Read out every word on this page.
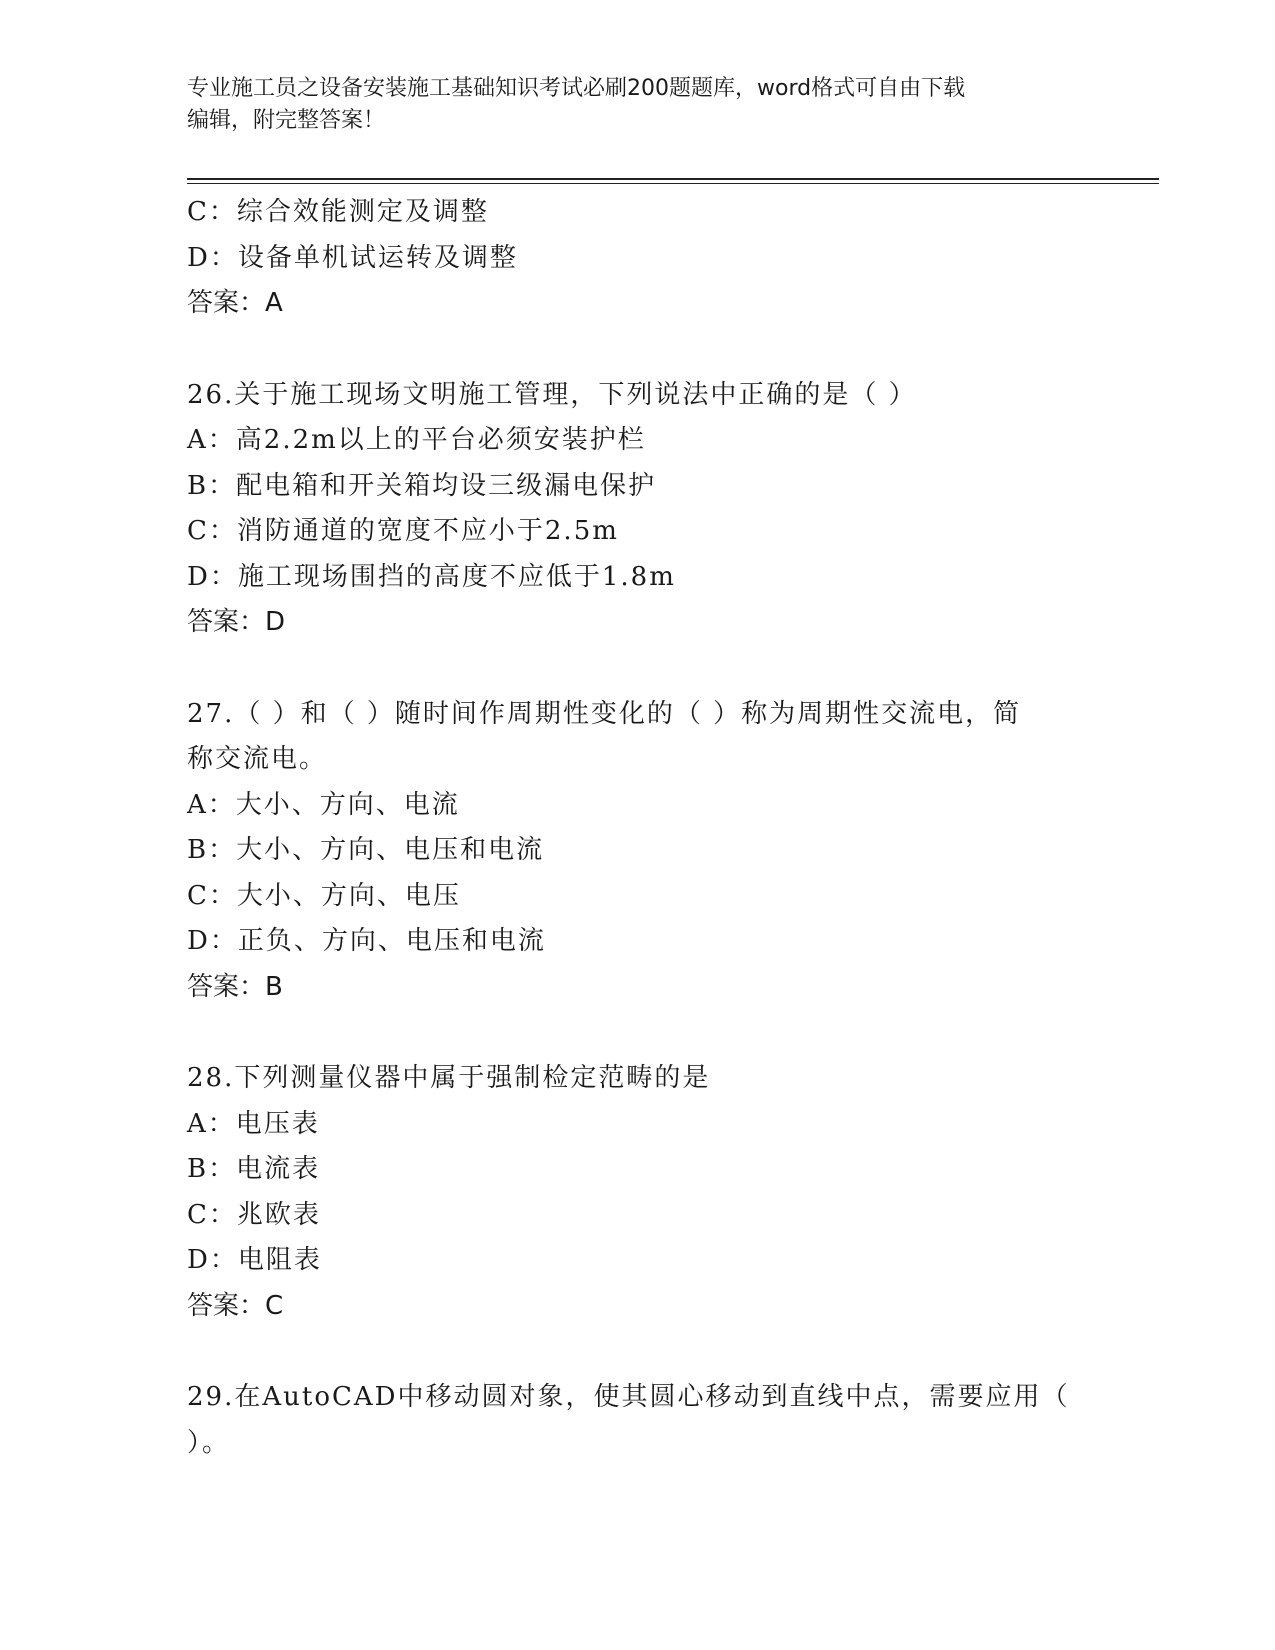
专业施工员之设备安装施工基础知识考试必刷200题题库，word格式可自由下载
编辑，附完整答案！
C：综合效能测定及调整
D：设备单机试运转及调整
答案：A
26.关于施工现场文明施工管理，下列说法中正确的是（ ）
A：高2.2m以上的平台必须安装护栏
B：配电箱和开关箱均设三级漏电保护
C：消防通道的宽度不应小于2.5m
D：施工现场围挡的高度不应低于1.8m
答案：D
27.（ ）和（ ）随时间作周期性变化的（ ）称为周期性交流电，简
称交流电。
A：大小、方向、电流
B：大小、方向、电压和电流
C：大小、方向、电压
D：正负、方向、电压和电流
答案：B
28.下列测量仪器中属于强制检定范畴的是
A：电压表
B：电流表
C：兆欧表
D：电阻表
答案：C
29.在AutoCAD中移动圆对象，使其圆心移动到直线中点，需要应用（
）。
